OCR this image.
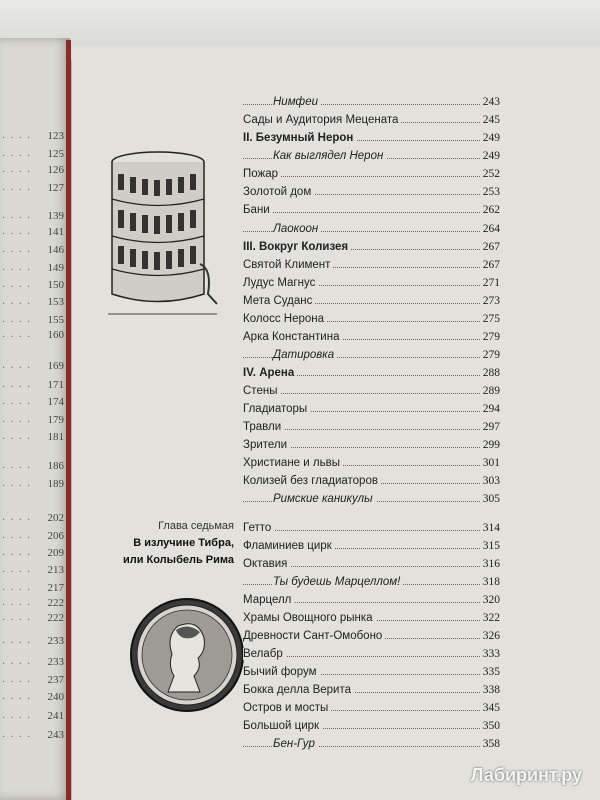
. . . . 123
. . . . 125
. . . . 126
. . . . 127
. . . . 139
. . . . 141
. . . . 146
. . . . 149
. . . . 150
. . . . 153
. . . . 155
. . . . 160
. . . . 169
. . . . 171
. . . . 174
. . . . 179
. . . . 181
. . . . 186
. . . . 189
. . . . 202
. . . . 206
. . . . 209
. . . . 213
. . . . 217
. . . . 222
. . . . 222
. . . . 233
. . . . 233
. . . . 237
. . . . 240
. . . . 241
. . . . 243
Глава седьмая
В излучине Тибра,
или Колыбель Рима
Нимфеи	243
Сады и Аудитория Мецената	245
II. Безумный Нерон	249
Как выглядел Нерон	249
Пожар	252
Золотой дом	253
Бани	262
Лаокоон	264
III. Вокруг Колизея	267
Святой Климент	267
Лудус Магнус	271
Мета Суданс	273
Колосс Нерона	275
Арка Константина	279
Датировка	279
IV. Арена	288
Стены	289
Гладиаторы	294
Травли	297
Зрители	299
Христиане и львы	301
Колизей без гладиаторов	303
Римские каникулы	305
Гетто	314
Фламиниев цирк	315
Октавия	316
Ты будешь Марцеллом!	318
Марцелл	320
Храмы Овощного рынка	322
Древности Сант-Омобоно	326
Велабр	333
Бычий форум	335
Бокка делла Верита	338
Остров и мосты	345
Большой цирк	350
Бен-Гур	358
Лабиринт.ру
